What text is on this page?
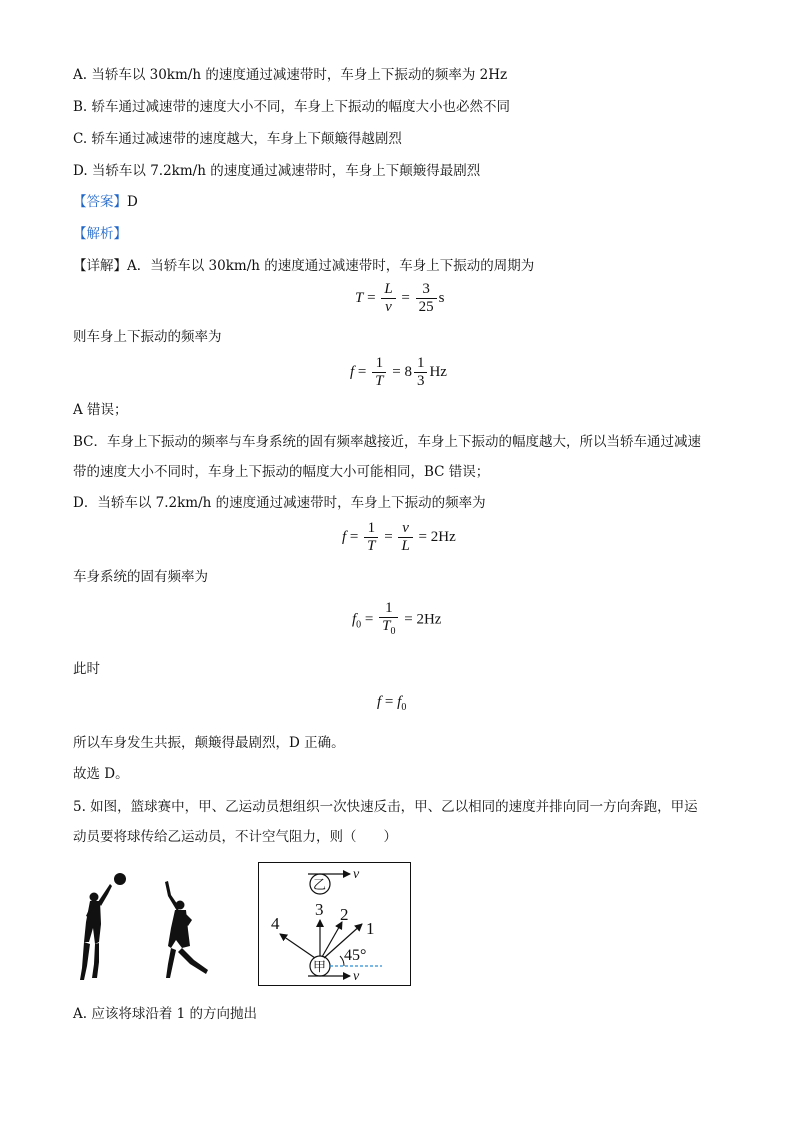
A. 当轿车以 30km/h 的速度通过减速带时，车身上下振动的频率为 2Hz
B. 轿车通过减速带的速度大小不同，车身上下振动的幅度大小也必然不同
C. 轿车通过减速带的速度越大，车身上下颠簸得越剧烈
D. 当轿车以 7.2km/h 的速度通过减速带时，车身上下颠簸得最剧烈
【答案】D
【解析】
【详解】A．当轿车以 30km/h 的速度通过减速带时，车身上下振动的周期为
$T = \frac{L}{v} = \frac{3}{25}$ s
则车身上下振动的频率为
$f = \frac{1}{T} = 8 \frac{1}{3}$ Hz
A 错误；
BC．车身上下振动的频率与车身系统的固有频率越接近，车身上下振动的幅度越大，所以当轿车通过减速
带的速度大小不同时，车身上下振动的幅度大小可能相同，BC 错误；
D．当轿车以 7.2km/h 的速度通过减速带时，车身上下振动的频率为
$f = \frac{1}{T} = \frac{v}{L} = 2Hz$
车身系统的固有频率为
$f_0 = \frac{1}{T_0} = 2Hz$
此时
$f = f_0$
所以车身发生共振，颠簸得最剧烈，D 正确。
故选 D。
5. 如图，篮球赛中，甲、乙运动员想组织一次快速反击，甲、乙以相同的速度并排向同一方向奔跑，甲运
动员要将球传给乙运动员，不计空气阻力，则（　　）
乙
v
甲
v
1
2
3
4
45°
A. 应该将球沿着 1 的方向抛出
